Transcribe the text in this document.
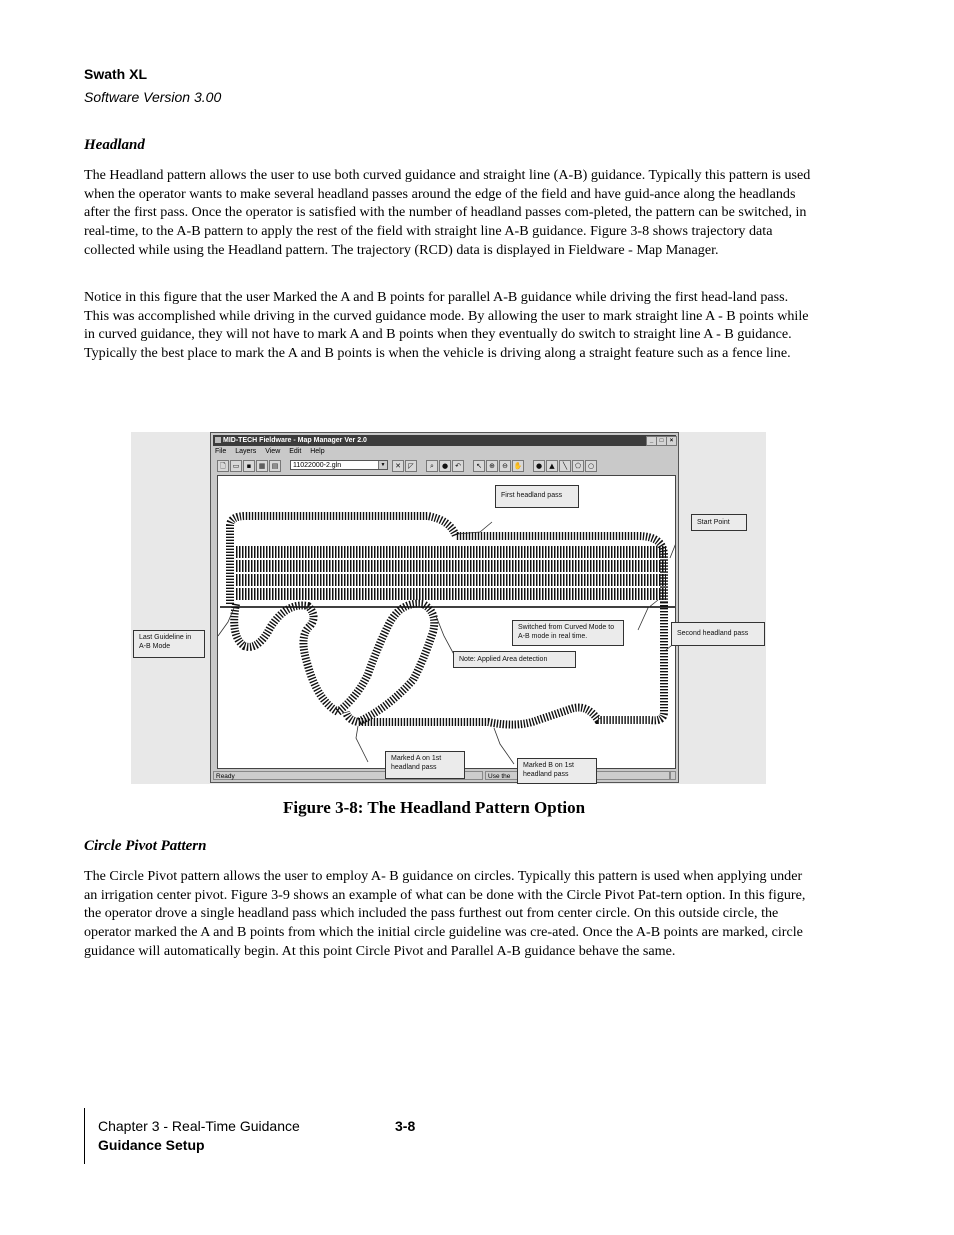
Swath XL
Software Version 3.00
Headland

The Headland pattern allows the user to use both curved guidance and straight line (A-B) guidance. Typically this pattern is used when the operator wants to make several headland passes around the edge of the field and have guid-ance along the headlands after the first pass. Once the operator is satisfied with the number of headland passes com-pleted, the pattern can be switched, in real-time, to the A-B pattern to apply the rest of the field with straight line A-B guidance. Figure 3-8 shows trajectory data collected while using the Headland pattern. The trajectory (RCD) data is displayed in Fieldware - Map Manager.

Notice in this figure that the user Marked the A and B points for parallel A-B guidance while driving the first head-land pass. This was accomplished while driving in the curved guidance mode. By allowing the user to mark straight line A - B points while in curved guidance, they will not have to mark A and B points when they eventually do switch to straight line A - B guidance. Typically the best place to mark the A and B points is when the vehicle is driving along a straight feature such as a fence line.

MID-TECH Fieldware - Map Manager Ver 2.0	_	□	×
File Layers View Edit Help
🗋 ▭	▪	▦ ▤	11022000-2.gln	▼	✕	◸	⌕	●	↶	↖	⊕	⊖ ✋	●	▲	╲	⬠ ○
Ready	Use the
First headland pass
Start Point
Last Guideline in A-B Mode
Switched from Curved Mode to A-B mode in real time.	Second headland pass
Note: Applied Area detection
Marked A on 1st headland pass	Marked B on 1st headland pass
Figure 3-8: The Headland Pattern Option
Circle Pivot Pattern

The Circle Pivot pattern allows the user to employ A- B guidance on circles. Typically this pattern is used when applying under an irrigation center pivot. Figure 3-9 shows an example of what can be done with the Circle Pivot Pat-tern option. In this figure, the operator drove a single headland pass which included the pass furthest out from center circle. On this outside circle, the operator marked the A and B points from which the initial circle guideline was cre-ated. Once the A-B points are marked, circle guidance will automatically begin. At this point Circle Pivot and Parallel A-B guidance behave the same.

Chapter 3 - Real-Time Guidance	3-8
Guidance Setup
